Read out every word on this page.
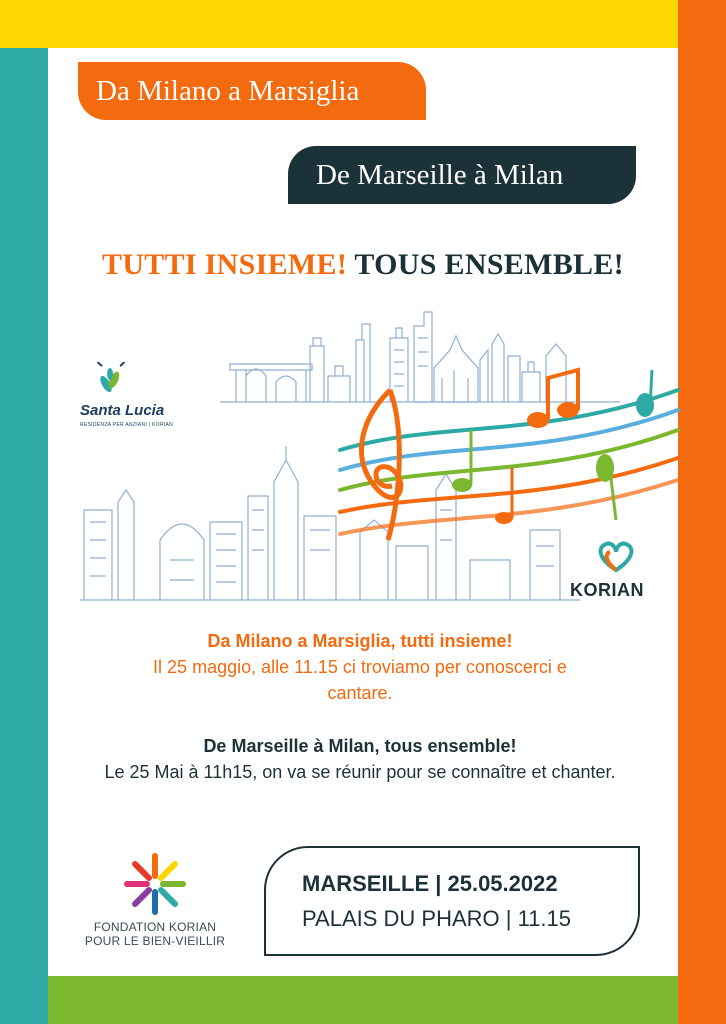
Da Milano a Marsiglia
De Marseille à Milan
TUTTI INSIEME! TOUS ENSEMBLE!
Santa Lucia
RESIDENZA PER ANZIANI | KORIAN
KORIAN
Da Milano a Marsiglia, tutti insieme!
Il 25 maggio, alle 11.15 ci troviamo per conoscerci e cantare.
De Marseille à Milan, tous ensemble!
Le 25 Mai à 11h15, on va se réunir pour se connaître et chanter.
FONDATION KORIAN
POUR LE BIEN-VIEILLIR
MARSEILLE | 25.05.2022
PALAIS DU PHARO | 11.15
